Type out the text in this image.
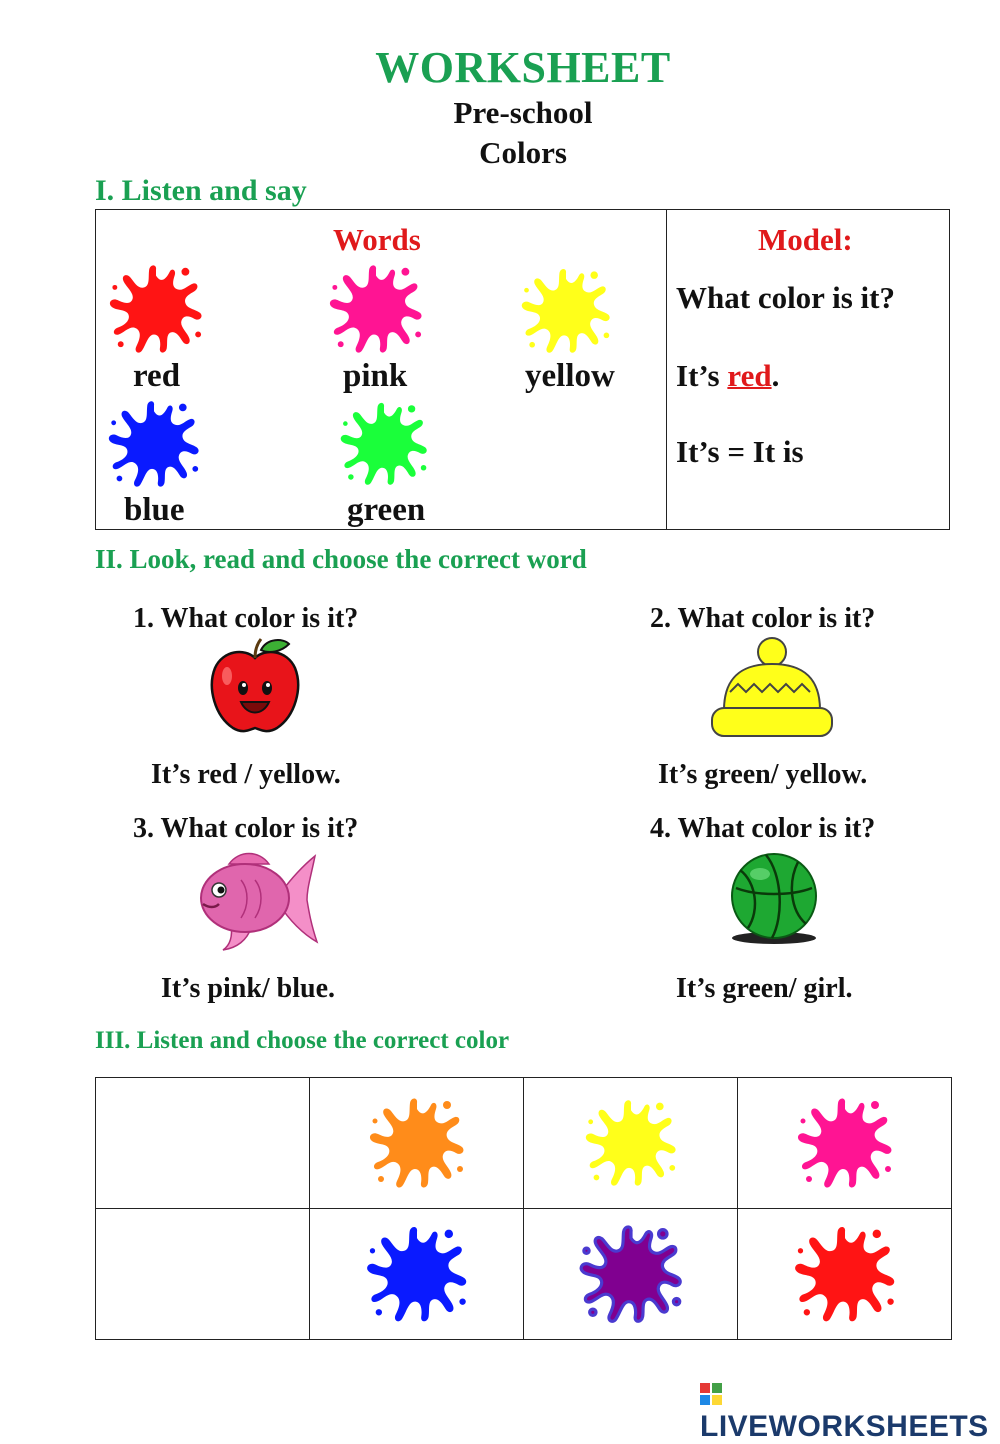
WORKSHEET
Pre-school
Colors
I. Listen and say
Words
red	pink	yellow
blue	green
Model:
What color is it?
It’s red.
It’s = It is
II. Look, read and choose the correct word
1. What color is it?	2. What color is it?
It’s red / yellow.	It’s green/ yellow.
3. What color is it?	4. What color is it?
It’s pink/ blue.	It’s green/ girl.
III. Listen and choose the correct color

LIVEWORKSHEETS
